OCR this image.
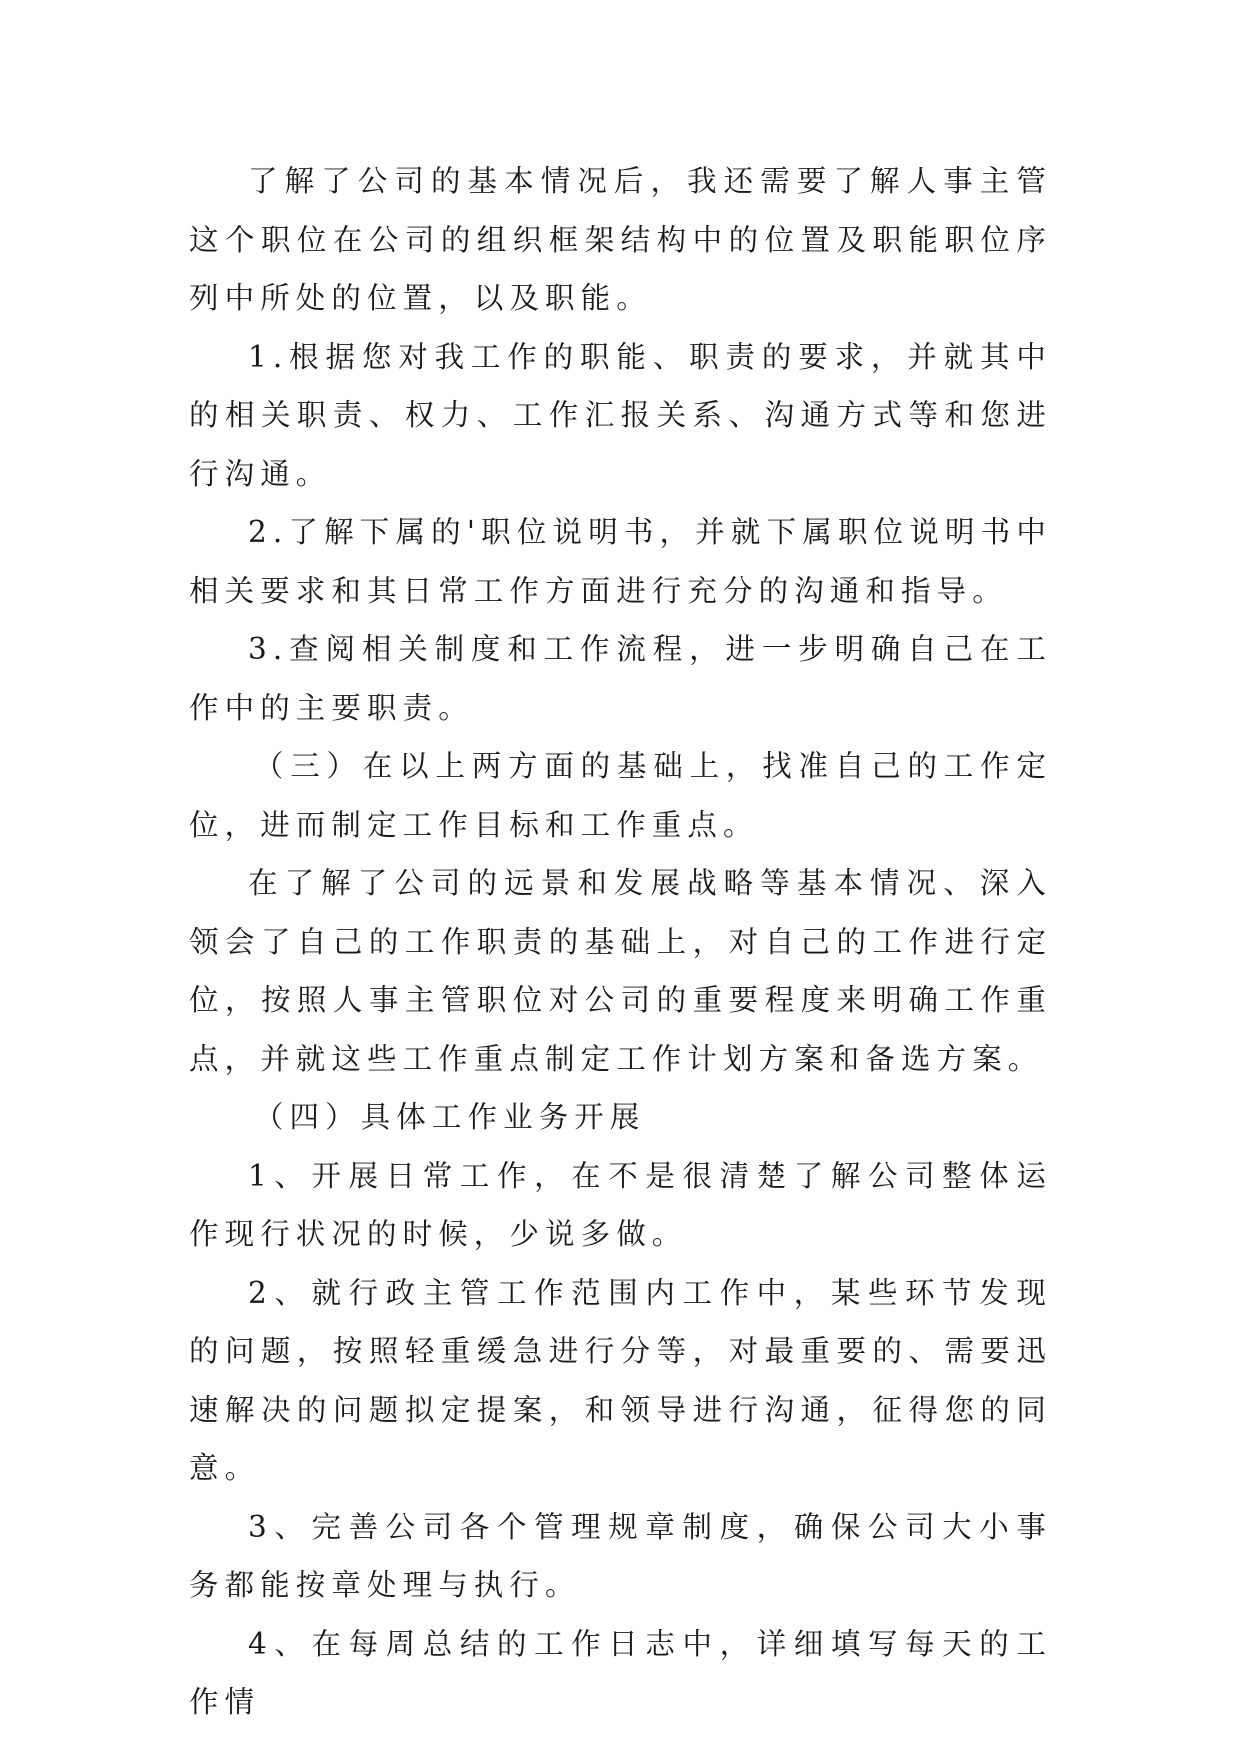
了解了公司的基本情况后，我还需要了解人事主管这个职位在公司的组织框架结构中的位置及职能职位序列中所处的位置，以及职能。

1.根据您对我工作的职能、职责的要求，并就其中的相关职责、权力、工作汇报关系、沟通方式等和您进行沟通。

2.了解下属的'职位说明书，并就下属职位说明书中相关要求和其日常工作方面进行充分的沟通和指导。

3.查阅相关制度和工作流程，进一步明确自己在工作中的主要职责。

（三）在以上两方面的基础上，找准自己的工作定位，进而制定工作目标和工作重点。

在了解了公司的远景和发展战略等基本情况、深入领会了自己的工作职责的基础上，对自己的工作进行定位，按照人事主管职位对公司的重要程度来明确工作重点，并就这些工作重点制定工作计划方案和备选方案。

（四）具体工作业务开展

1、开展日常工作，在不是很清楚了解公司整体运作现行状况的时候，少说多做。

2、就行政主管工作范围内工作中，某些环节发现的问题，按照轻重缓急进行分等，对最重要的、需要迅速解决的问题拟定提案，和领导进行沟通，征得您的同意。

3、完善公司各个管理规章制度，确保公司大小事务都能按章处理与执行。

4、在每周总结的工作日志中，详细填写每天的工作情
